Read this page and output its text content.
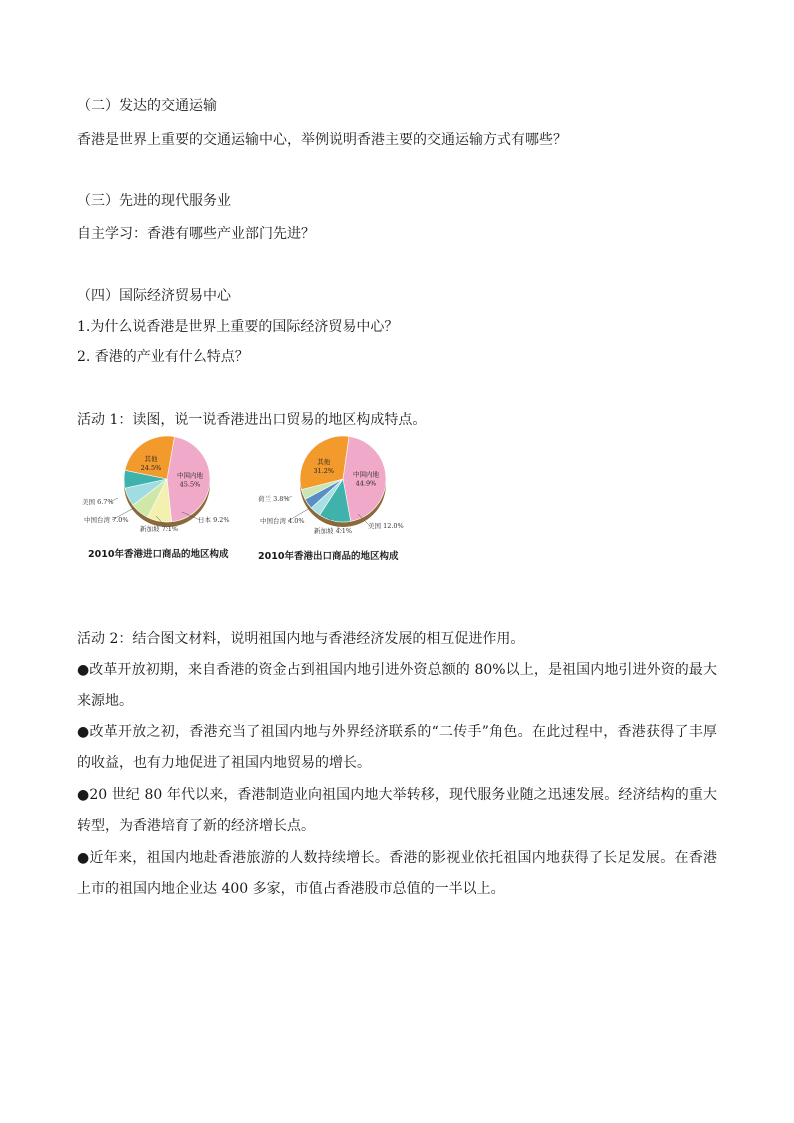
（二）发达的交通运输
香港是世界上重要的交通运输中心，举例说明香港主要的交通运输方式有哪些？
（三）先进的现代服务业
自主学习：香港有哪些产业部门先进？
（四）国际经济贸易中心
1.为什么说香港是世界上重要的国际经济贸易中心？
2. 香港的产业有什么特点？
活动 1：读图，说一说香港进出口贸易的地区构成特点。
中国内地
45.5%
其他
24.5%
美国 6.7%
中国台湾 7.0%
新加坡 7.1%
日本 9.2%
中国内地
44.9%
其他
31.2%
荷兰 3.8%
中国台湾 4.0%
新加坡 4.1%
美国 12.0%
2010年香港进口商品的地区构成	2010年香港出口商品的地区构成
活动 2：结合图文材料，说明祖国内地与香港经济发展的相互促进作用。
●改革开放初期，来自香港的资金占到祖国内地引进外资总额的 80%以上，是祖国内地引进外资的最大来源地。
●改革开放之初，香港充当了祖国内地与外界经济联系的“二传手”角色。在此过程中，香港获得了丰厚的收益，也有力地促进了祖国内地贸易的增长。
●20 世纪 80 年代以来，香港制造业向祖国内地大举转移，现代服务业随之迅速发展。经济结构的重大转型，为香港培育了新的经济增长点。
●近年来，祖国内地赴香港旅游的人数持续增长。香港的影视业依托祖国内地获得了长足发展。在香港上市的祖国内地企业达 400 多家，市值占香港股市总值的一半以上。
